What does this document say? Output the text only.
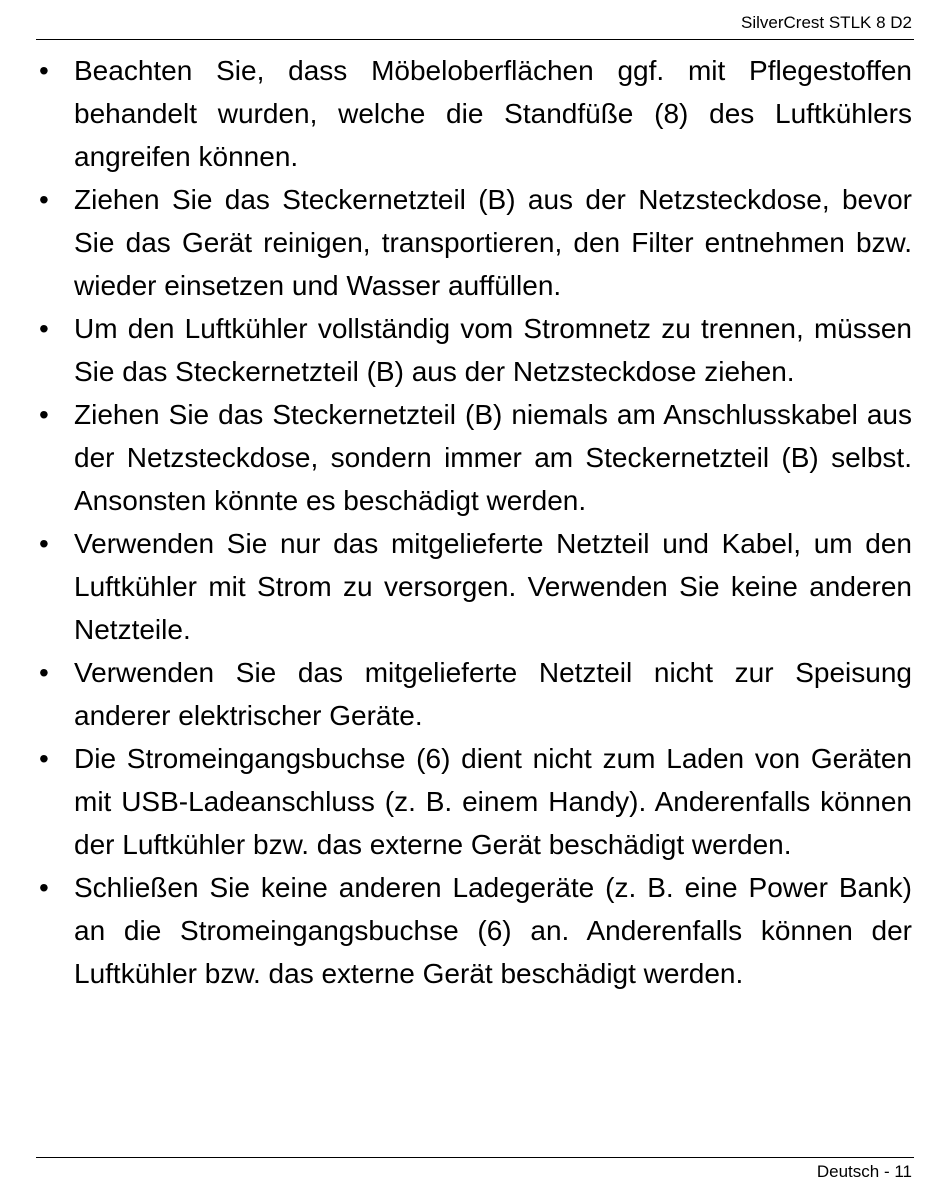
SilverCrest STLK 8 D2
• Beachten Sie, dass Möbeloberflächen ggf. mit Pflegestoffen behandelt wurden, welche die Standfüße (8) des Luftkühlers angreifen können.
• Ziehen Sie das Steckernetzteil (B) aus der Netzsteckdose, bevor Sie das Gerät reinigen, transportieren, den Filter entnehmen bzw. wieder einsetzen und Wasser auffüllen.
• Um den Luftkühler vollständig vom Stromnetz zu trennen, müssen Sie das Steckernetzteil (B) aus der Netzsteckdose ziehen.
• Ziehen Sie das Steckernetzteil (B) niemals am Anschlusskabel aus der Netzsteckdose, sondern immer am Steckernetzteil (B) selbst. Ansonsten könnte es beschädigt werden.
• Verwenden Sie nur das mitgelieferte Netzteil und Kabel, um den Luftkühler mit Strom zu versorgen. Verwenden Sie keine anderen Netzteile.
• Verwenden Sie das mitgelieferte Netzteil nicht zur Speisung anderer elektrischer Geräte.
• Die Stromeingangsbuchse (6) dient nicht zum Laden von Geräten mit USB-Ladeanschluss (z. B. einem Handy). Anderenfalls können der Luftkühler bzw. das externe Gerät beschädigt werden.
• Schließen Sie keine anderen Ladegeräte (z. B. eine Power Bank) an die Stromeingangsbuchse (6) an. Anderenfalls können der Luftkühler bzw. das externe Gerät beschädigt werden.
Deutsch - 11
